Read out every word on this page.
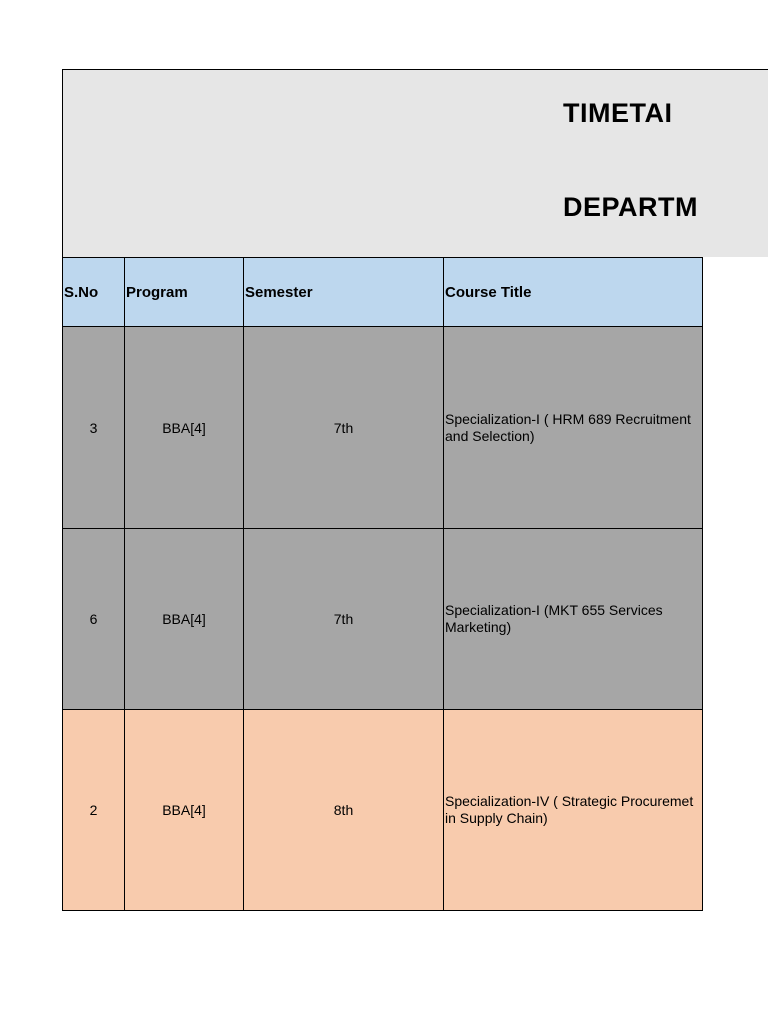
TIMETAI
DEPARTM
S.No	Program	Semester	Course Title
3	BBA[4]	7th	Specialization-I ( HRM 689 Recruitment and Selection)
6	BBA[4]	7th	Specialization-I (MKT 655 Services Marketing)
2	BBA[4]	8th	Specialization-IV ( Strategic Procuremet in Supply Chain)
